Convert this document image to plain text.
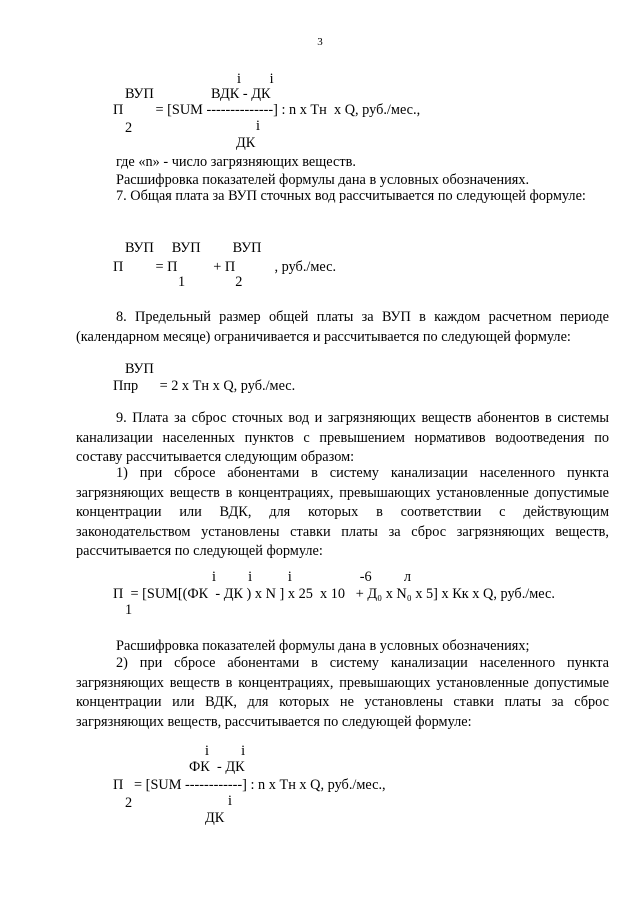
3
i        i
ВУП                ВДК - ДК
П         = [SUM --------------] : n x Тн  x Q, руб./мес.,
i
2
ДК

где «n» - число загрязняющих веществ.

Расшифровка показателей формулы дана в условных обозначениях.

7. Общая плата за ВУП сточных вод рассчитывается по следующей формуле:

ВУП     ВУП         ВУП
П         = П          + П           , руб./мес.
1              2

8. Предельный размер общей платы за ВУП в каждом расчетном периоде (календарном месяце) ограничивается и рассчитывается по следующей формуле:

ВУП
Ппр      = 2 x Тн x Q, руб./мес.

9. Плата за сброс сточных вод и загрязняющих веществ абонентов в системы канализации населенных пунктов с превышением нормативов водоотведения по составу рассчитывается следующим образом:

1) при сбросе абонентами в систему канализации населенного пункта загрязняющих веществ в концентрациях, превышающих установленные допустимые концентрации или ВДК, для которых в соответствии с действующим законодательством установлены ставки платы за сброс загрязняющих веществ, рассчитывается по следующей формуле:

i         i          i                   -6         л
П  = [SUM[(ФК  - ДК ) x N ] x 25  x 10   + Д₀ x N₀ x 5] x Кк x Q, руб./мес.
1

Расшифровка показателей формулы дана в условных обозначениях;

2) при сбросе абонентами в систему канализации населенного пункта загрязняющих веществ в концентрациях, превышающих установленные допустимые концентрации или ВДК, для которых не установлены ставки платы за сброс загрязняющих веществ, рассчитывается по следующей формуле:

i         i
ФК  - ДК
П   = [SUM ------------] : n x Тн x Q, руб./мес.,
i
2
ДК
